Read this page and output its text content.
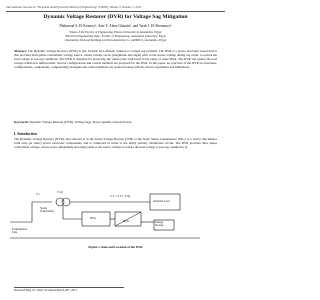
International Journal on "Technical and Physical Problems of Engineering" (IJTPE), Volume 3, Number 1, 2011
Dynamic Voltage Restorer (DVR) for Voltage Sag Mitigation
Mahmoud S. El-Kenawy¹, Amr Y. Abou-Ghazala², and Tarek I. El-Shennawy³
¹Dean of the Faculty of Engineering, Pharos University in Alexandria, Egypt
²Electrical Engineering Dept., Faculty of Engineering, Alexandria University, Egypt
³Alexandria National Refining and Petrochemicals Co. (ANRPC), Alexandria, Egypt
Abstract: The Dynamic Voltage Restorer (DVR) is fast, flexible and efficient solution to voltage sag problem. The DVR is a power electronic based device that provides three-phase controllable voltage source, whose voltage vector (magnitude and angle) adds to the source voltage during sag event, to restore the load voltage to pre-sag conditions. The DVR is designed for protecting the whole plant with loads in the range of some MVA. The DVR can restore the load voltage within few milliseconds. Several configurations and control methods are proposed for the DVR. In this paper, an overview of the DVR, its functions, configurations, components, compensating strategies and control methods are reviewed along with the device capabilities and limitations.
Keywords: Dynamic Voltage Restorer (DVR), Voltage Sags, Power Quality, Custom Power.
I. Introduction
The Dynamic Voltage Restorer (DVR), also referred to as the Series Voltage Booster (SVB) or the Static Series Compensator (SSC), is a device that utilizes solid state (or static) power electronic components, and is connected in series to the utility primary distribution circuit. The DVR provides three phase controllable voltage, whose vector (magnitude and angle) adds to the source voltage to restore the load voltage to pre-sag conditions [1].
V s
V inj
V L = V S + V inj
Sensitive Load
Energy
Storage
Filter
DVR
Series
Transformer
Transmission
Line
Figure 1. Role and Location of the DVR
Received May 2ⁿᵈ, 2010; Accepted March 20ᵗʰ, 2011
